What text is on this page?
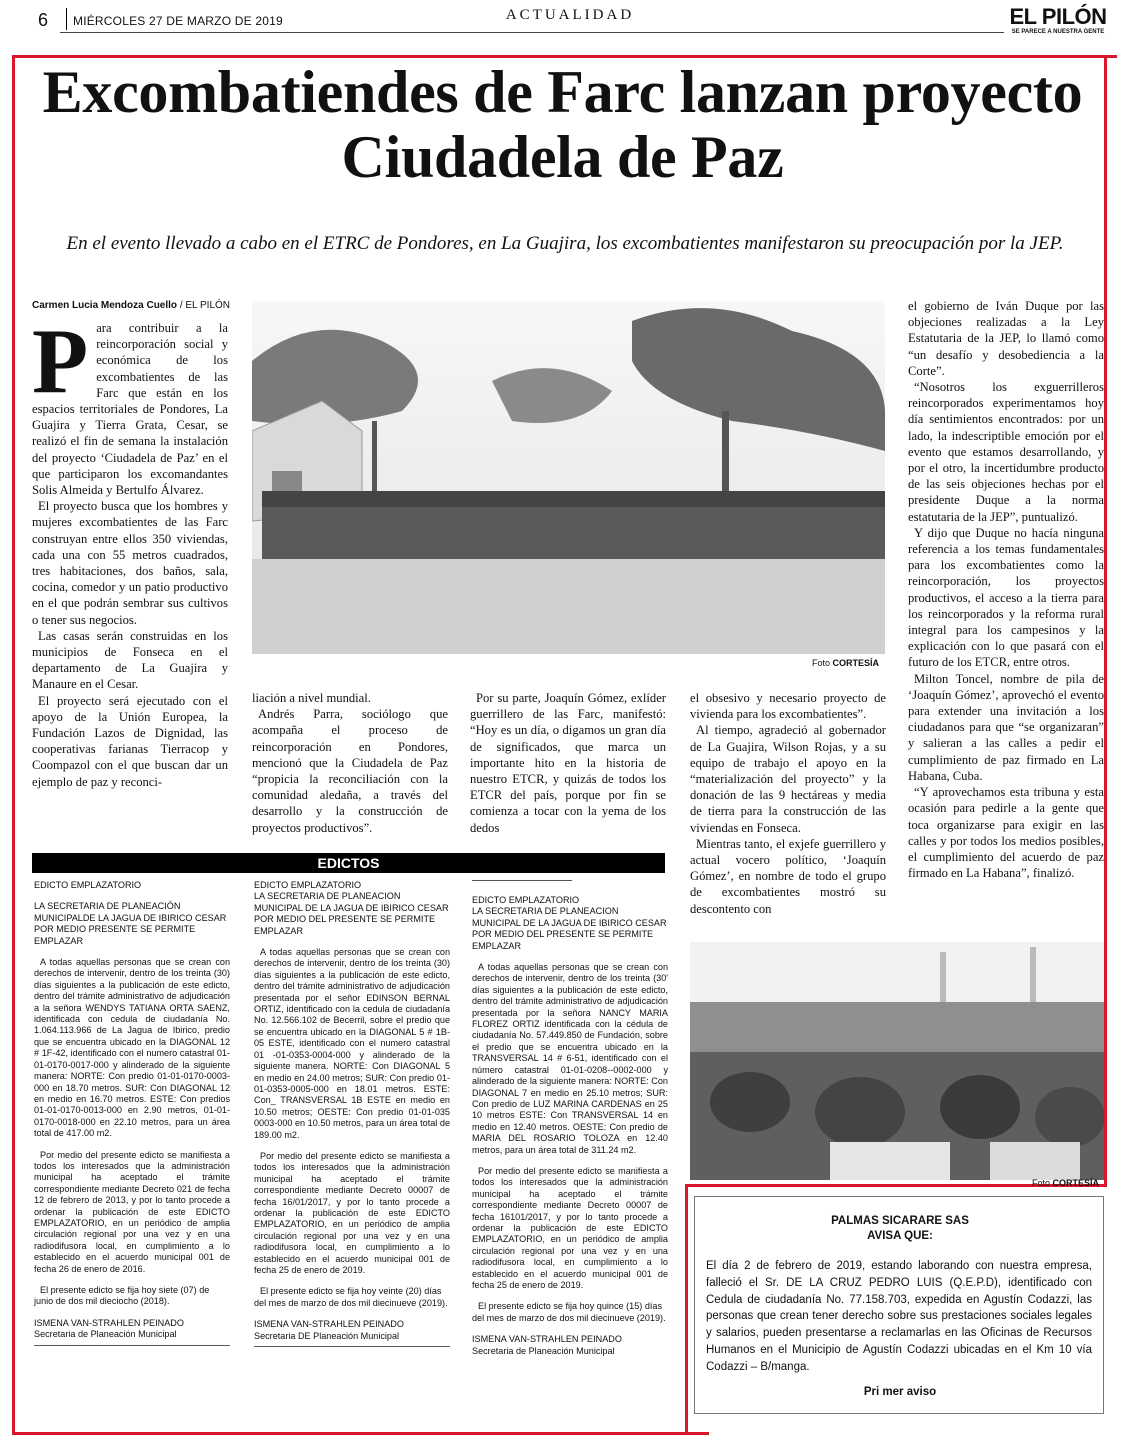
6 MIÉRCOLES 27 DE MARZO DE 2019	ACTUALIDAD	EL PILÓN
SE PARECE A NUESTRA GENTE
Excombatiendes de Farc lanzan proyecto Ciudadela de Paz
En el evento llevado a cabo en el ETRC de Pondores, en La Guajira, los excombatientes manifestaron su preocupación por la JEP.
Carmen Lucia Mendoza Cuello / EL PILÓN
P ara contribuir a la reincorporación social y económica de los excombatientes de las Farc que están en los espacios territoriales de Pondores, La Guajira y Tierra Grata, Cesar, se realizó el fin de semana la instalación del proyecto ‘Ciudadela de Paz’ en el que participaron los excomandantes Solis Almeida y Bertulfo Álvarez.

El proyecto busca que los hombres y mujeres excombatientes de las Farc construyan entre ellos 350 viviendas, cada una con 55 metros cuadrados, tres habitaciones, dos baños, sala, cocina, comedor y un patio productivo en el que podrán sembrar sus cultivos o tener sus negocios.

Las casas serán construidas en los municipios de Fonseca en el departamento de La Guajira y Manaure en el Cesar.

El proyecto será ejecutado con el apoyo de la Unión Europea, la Fundación Lazos de Dignidad, las cooperativas farianas Tierracop y Coompazol con el que buscan dar un ejemplo de paz y reconci-

Foto CORTESÍA

liación a nivel mundial.

Andrés Parra, sociólogo que acompaña el proceso de reincorporación en Pondores, mencionó que la Ciudadela de Paz “propicia la reconciliación con la comunidad aledaña, a través del desarrollo y la construcción de proyectos productivos”.

Por su parte, Joaquín Gómez, exlíder guerrillero de las Farc, manifestó: “Hoy es un día, o digamos un gran día de significados, que marca un importante hito en la historia de nuestro ETCR, y quizás de todos los ETCR del país, porque por fin se comienza a tocar con la yema de los dedos

el obsesivo y necesario proyecto de vivienda para los excombatientes”.

Al tiempo, agradeció al gobernador de La Guajira, Wilson Rojas, y a su equipo de trabajo el apoyo en la “materialización del proyecto” y la donación de las 9 hectáreas y media de tierra para la construcción de las viviendas en Fonseca.

Mientras tanto, el exjefe guerrillero y actual vocero político, ‘Joaquín Gómez’, en nombre de todo el grupo de excombatientes mostró su descontento con

el gobierno de Iván Duque por las objeciones realizadas a la Ley Estatutaria de la JEP, lo llamó como “un desafío y desobediencia a la Corte”.

“Nosotros los exguerrilleros reincorporados experimentamos hoy día sentimientos encontrados: por un lado, la indescriptible emoción por el evento que estamos desarrollando, y por el otro, la incertidumbre producto de las seis objeciones hechas por el presidente Duque a la norma estatutaria de la JEP”, puntualizó.

Y dijo que Duque no hacía ninguna referencia a los temas fundamentales para los excombatientes como la reincorporación, los proyectos productivos, el acceso a la tierra para los reincorporados y la reforma rural integral para los campesinos y la explicación con lo que pasará con el futuro de los ETCR, entre otros.

Milton Toncel, nombre de pila de ‘Joaquín Gómez’, aprovechó el evento para extender una invitación a los ciudadanos para que “se organizaran” y salieran a las calles a pedir el cumplimiento de paz firmado en La Habana, Cuba.

“Y aprovechamos esta tribuna y esta ocasión para pedirle a la gente que toca organizarse para exigir en las calles y por todos los medios posibles, el cumplimiento del acuerdo de paz firmado en La Habana”, finalizó.

Foto CORTESÍA
EDICTOS

EDICTO EMPLAZATORIO

LA SECRETARIA DE PLANEACIÓN MUNICIPALDE LA JAGUA DE IBIRICO CESAR POR MEDIO PRESENTE SE PERMITE EMPLAZAR

A todas aquellas personas que se crean con derechos de intervenir, dentro de los treinta (30) días siguientes a la publicación de este edicto, dentro del trámite administrativo de adjudicación a la señora WENDYS TATIANA ORTA SAENZ, identificada con cedula de ciudadanía No. 1.064.113.966 de La Jagua de Ibirico, predio que se encuentra ubicado en la DIAGONAL 12 # 1F-42, identificado con el numero catastral 01-01-0170-0017-000 y alinderado de la siguiente manera: NORTE: Con predio 01-01-0170-0003-000 en 18.70 metros. SUR: Con DIAGONAL 12 en medio en 16.70 metros. ESTE: Con predios 01-01-0170-0013-000 en 2.90 metros, 01-01-0170-0018-000 en 22.10 metros, para un área total de 417.00 m2.

Por medio del presente edicto se manifiesta a todos los interesados que la administración municipal ha aceptado el trámite correspondiente mediante Decreto 021 de fecha 12 de febrero de 2013, y por lo tanto procede a ordenar la publicación de este EDICTO EMPLAZATORIO, en un periódico de amplia circulación regional por una vez y en una radiodifusora local, en cumplimiento a lo establecido en el acuerdo municipal 001 de fecha 26 de enero de 2016.

El presente edicto se fija hoy siete (07) de junio de dos mil dieciocho (2018).

ISMENA VAN-STRAHLEN PEINADO

Secretaria de Planeación Municipal

EDICTO EMPLAZATORIO

LA SECRETARIA DE PLANEACION MUNICIPAL DE LA JAGUA DE IBIRICO CESAR POR MEDIO DEL PRESENTE SE PERMITE EMPLAZAR

A todas aquellas personas que se crean con derechos de intervenir, dentro de los treinta (30) días siguientes a la publicación de este edicto, dentro del trámite administrativo de adjudicación presentada por el señor EDINSON BERNAL ORTIZ, identificado con la cedula de ciudadanía No. 12.566.102 de Becerril, sobre el predio que se encuentra ubicado en la DIAGONAL 5 # 1B-05 ESTE, identificado con el numero catastral 01 -01-0353-0004-000 y alinderado de la siguiente manera. NORTE: Con DIAGONAL 5 en medio en 24.00 metros; SUR: Con predio 01-01-0353-0005-000 en 18.01 metros. ESTE: Con_ TRANSVERSAL 1B ESTE en medio en 10.50 metros; OESTE: Con predio 01-01-035 0003-000 en 10.50 metros, para un área total de 189.00 m2.

Por medio del presente edicto se manifiesta a todos los interesados que la administración municipal ha aceptado el trámite correspondiente mediante Decreto 00007 de fecha 16/01/2017, y por lo tanto procede a ordenar la publicación de este EDICTO EMPLAZATORIO, en un periódico de amplia circulación regional por una vez y en una radiodifusora local, en cumplimiento a lo establecido en el acuerdo municipal 001 de fecha 25 de enero de 2019.

El presente edicto se fija hoy veinte (20) días del mes de marzo de dos mil diecinueve (2019).

ISMENA VAN-STRAHLEN PEINADO

Secretaria DE Planeación Municipal

EDICTO EMPLAZATORIO

LA SECRETARIA DE PLANEACION MUNICIPAL DE LA JAGUA DE IBIRICO CESAR POR MEDIO DEL PRESENTE SE PERMITE EMPLAZAR

A todas aquellas personas que se crean con derechos de intervenir, dentro de los treinta (30' días siguientes a la publicación de este edicto, dentro del trámite administrativo de adjudicación presentada por la señora NANCY MARIA FLOREZ ORTIZ identificada con la cédula de ciudadanía No. 57.449.850 de Fundación, sobre el predio que se encuentra ubicado en la TRANSVERSAL 14 # 6-51, identificado con el número catastral 01-01-0208--0002-000 y alinderado de la siguiente manera: NORTE: Con DIAGONAL 7 en medio en 25.10 metros; SUR: Con predio de LUZ MARINA CARDENAS en 25 10 metros ESTE: Con TRANSVERSAL 14 en medio en 12.40 metros. OESTE: Con predio de MARIA DEL ROSARIO TOLOZA en 12.40 metros, para un área total de 311.24 m2.

Por medio del presente edicto se manifiesta a todos los interesados que la administración municipal ha aceptado el trámite correspondiente mediante Decreto 00007 de fecha 16101/2017, y por lo tanto procede a ordenar la publicación de este EDICTO EMPLAZATORIO, en un periódico de amplia circulación regional por una vez y en una radiodifusora local, en cumplimiento a lo establecido en el acuerdo municipal 001 de fecha 25 de enero de 2019.

El presente edicto se fija hoy quince (15) días del mes de marzo de dos mil diecinueve (2019).

ISMENA VAN-STRAHLEN PEINADO

Secretaria de Planeación Municipal

PALMAS SICARARE SAS
AVISA QUE:
El día 2 de febrero de 2019, estando laborando con nuestra empresa, falleció el Sr. DE LA CRUZ PEDRO LUIS (Q.E.P.D), identificado con Cedula de ciudadanía No. 77.158.703, expedida en Agustín Codazzi, las personas que crean tener derecho sobre sus prestaciones sociales legales y salarios, pueden presentarse a reclamarlas en las Oficinas de Recursos Humanos en el Municipio de Agustín Codazzi ubicadas en el Km 10 vía Codazzi – B/manga.
Pri mer aviso
